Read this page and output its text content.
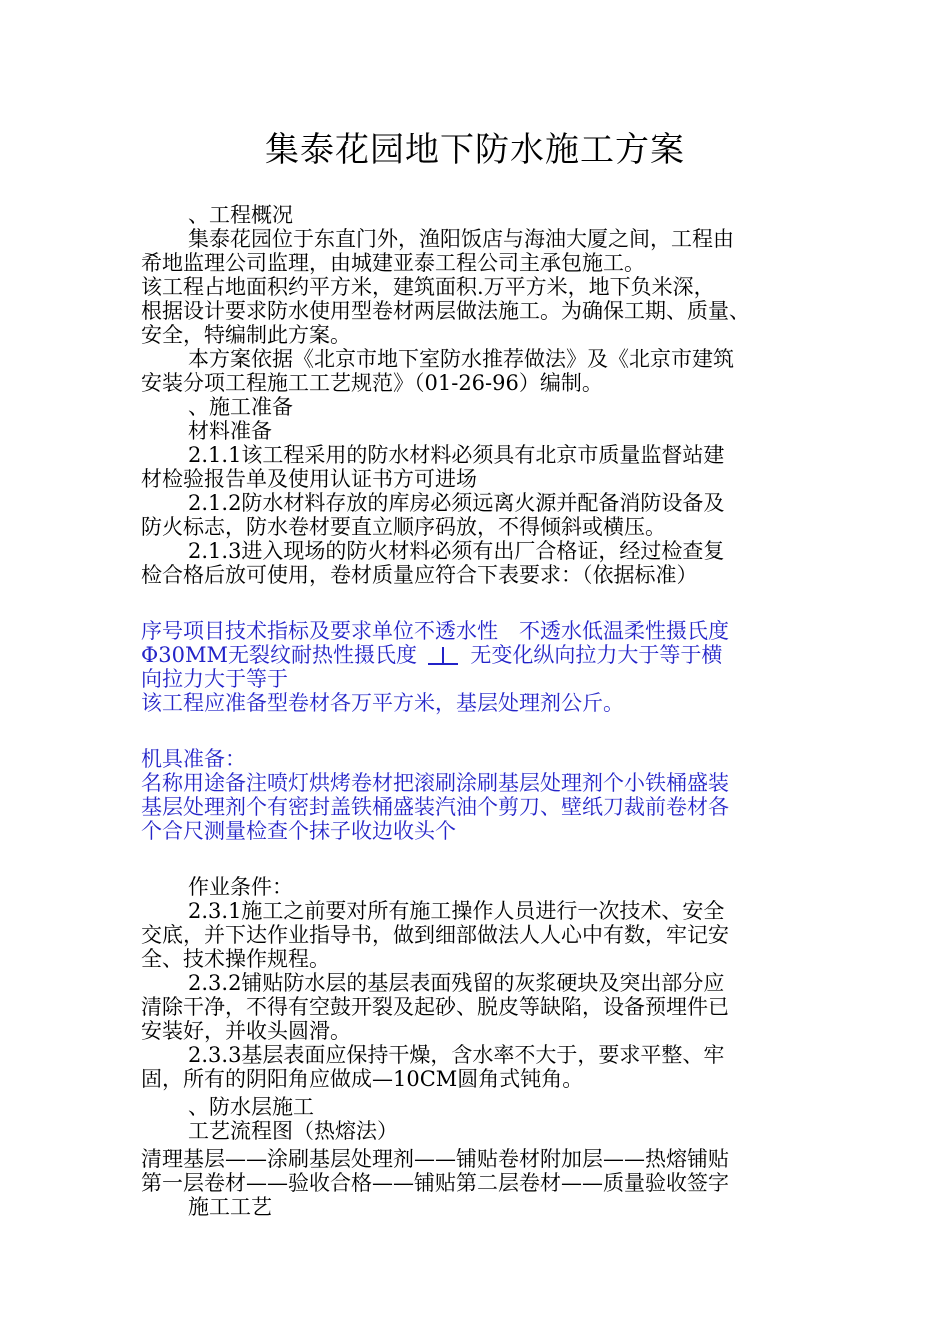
集泰花园地下防水施工方案
、工程概况
集泰花园位于东直门外，渔阳饭店与海油大厦之间，工程由
希地监理公司监理，由城建亚泰工程公司主承包施工。
该工程占地面积约平方米，建筑面积.万平方米，地下负米深，
根据设计要求防水使用型卷材两层做法施工。为确保工期、质量、
安全，特编制此方案。
本方案依据《北京市地下室防水推荐做法》及《北京市建筑
安装分项工程施工工艺规范》（01-26-96）编制。
、施工准备
材料准备
2.1.1该工程采用的防水材料必须具有北京市质量监督站建
材检验报告单及使用认证书方可进场
2.1.2防水材料存放的库房必须远离火源并配备消防设备及
防火标志，防水卷材要直立顺序码放，不得倾斜或横压。
2.1.3进入现场的防火材料必须有出厂合格证，经过检查复
检合格后放可使用，卷材质量应符合下表要求：（依据标准）
序号项目技术指标及要求单位不透水性　不透水低温柔性摄氏度
Φ30MM无裂纹耐热性摄氏度	无变化纵向拉力大于等于横
向拉力大于等于
该工程应准备型卷材各万平方米，基层处理剂公斤。
机具准备：
名称用途备注喷灯烘烤卷材把滚刷涂刷基层处理剂个小铁桶盛装
基层处理剂个有密封盖铁桶盛装汽油个剪刀、壁纸刀裁前卷材各
个合尺测量检查个抹子收边收头个
作业条件：
2.3.1施工之前要对所有施工操作人员进行一次技术、安全
交底，并下达作业指导书，做到细部做法人人心中有数，牢记安
全、技术操作规程。
2.3.2铺贴防水层的基层表面残留的灰浆硬块及突出部分应
清除干净，不得有空鼓开裂及起砂、脱皮等缺陷，设备预埋件已
安装好，并收头圆滑。
2.3.3基层表面应保持干燥，含水率不大于，要求平整、牢
固，所有的阴阳角应做成—10CM圆角式钝角。
、防水层施工
工艺流程图（热熔法）
清理基层——涂刷基层处理剂——铺贴卷材附加层——热熔铺贴
第一层卷材——验收合格——铺贴第二层卷材——质量验收签字
施工工艺
